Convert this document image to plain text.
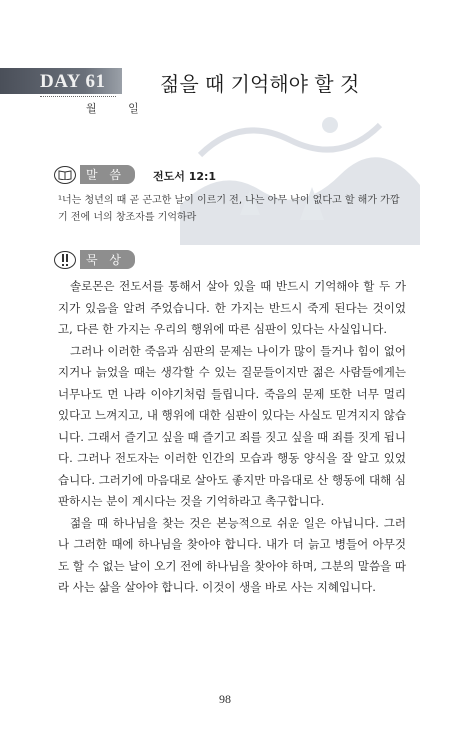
DAY 61
월 일
젊을 때 기억해야 할 것
말 씀	전도서 12:1
¹너는 청년의 때 곧 곤고한 날이 이르기 전, 나는 아무 낙이 없다고 할 해가 가깝기 전에 너의 창조자를 기억하라
묵 상

솔로몬은 전도서를 통해서 살아 있을 때 반드시 기억해야 할 두 가지가 있음을 알려 주었습니다. 한 가지는 반드시 죽게 된다는 것이었고, 다른 한 가지는 우리의 행위에 따른 심판이 있다는 사실입니다.

그러나 이러한 죽음과 심판의 문제는 나이가 많이 들거나 힘이 없어지거나 늙었을 때는 생각할 수 있는 질문들이지만 젊은 사람들에게는 너무나도 먼 나라 이야기처럼 들립니다. 죽음의 문제 또한 너무 멀리 있다고 느껴지고, 내 행위에 대한 심판이 있다는 사실도 믿겨지지 않습니다. 그래서 즐기고 싶을 때 즐기고 죄를 짓고 싶을 때 죄를 짓게 됩니다. 그러나 전도자는 이러한 인간의 모습과 행동 양식을 잘 알고 있었습니다. 그러기에 마음대로 살아도 좋지만 마음대로 산 행동에 대해 심판하시는 분이 계시다는 것을 기억하라고 촉구합니다.

젊을 때 하나님을 찾는 것은 본능적으로 쉬운 일은 아닙니다. 그러나 그러한 때에 하나님을 찾아야 합니다. 내가 더 늙고 병들어 아무것도 할 수 없는 날이 오기 전에 하나님을 찾아야 하며, 그분의 말씀을 따라 사는 삶을 살아야 합니다. 이것이 생을 바로 사는 지혜입니다.

98
